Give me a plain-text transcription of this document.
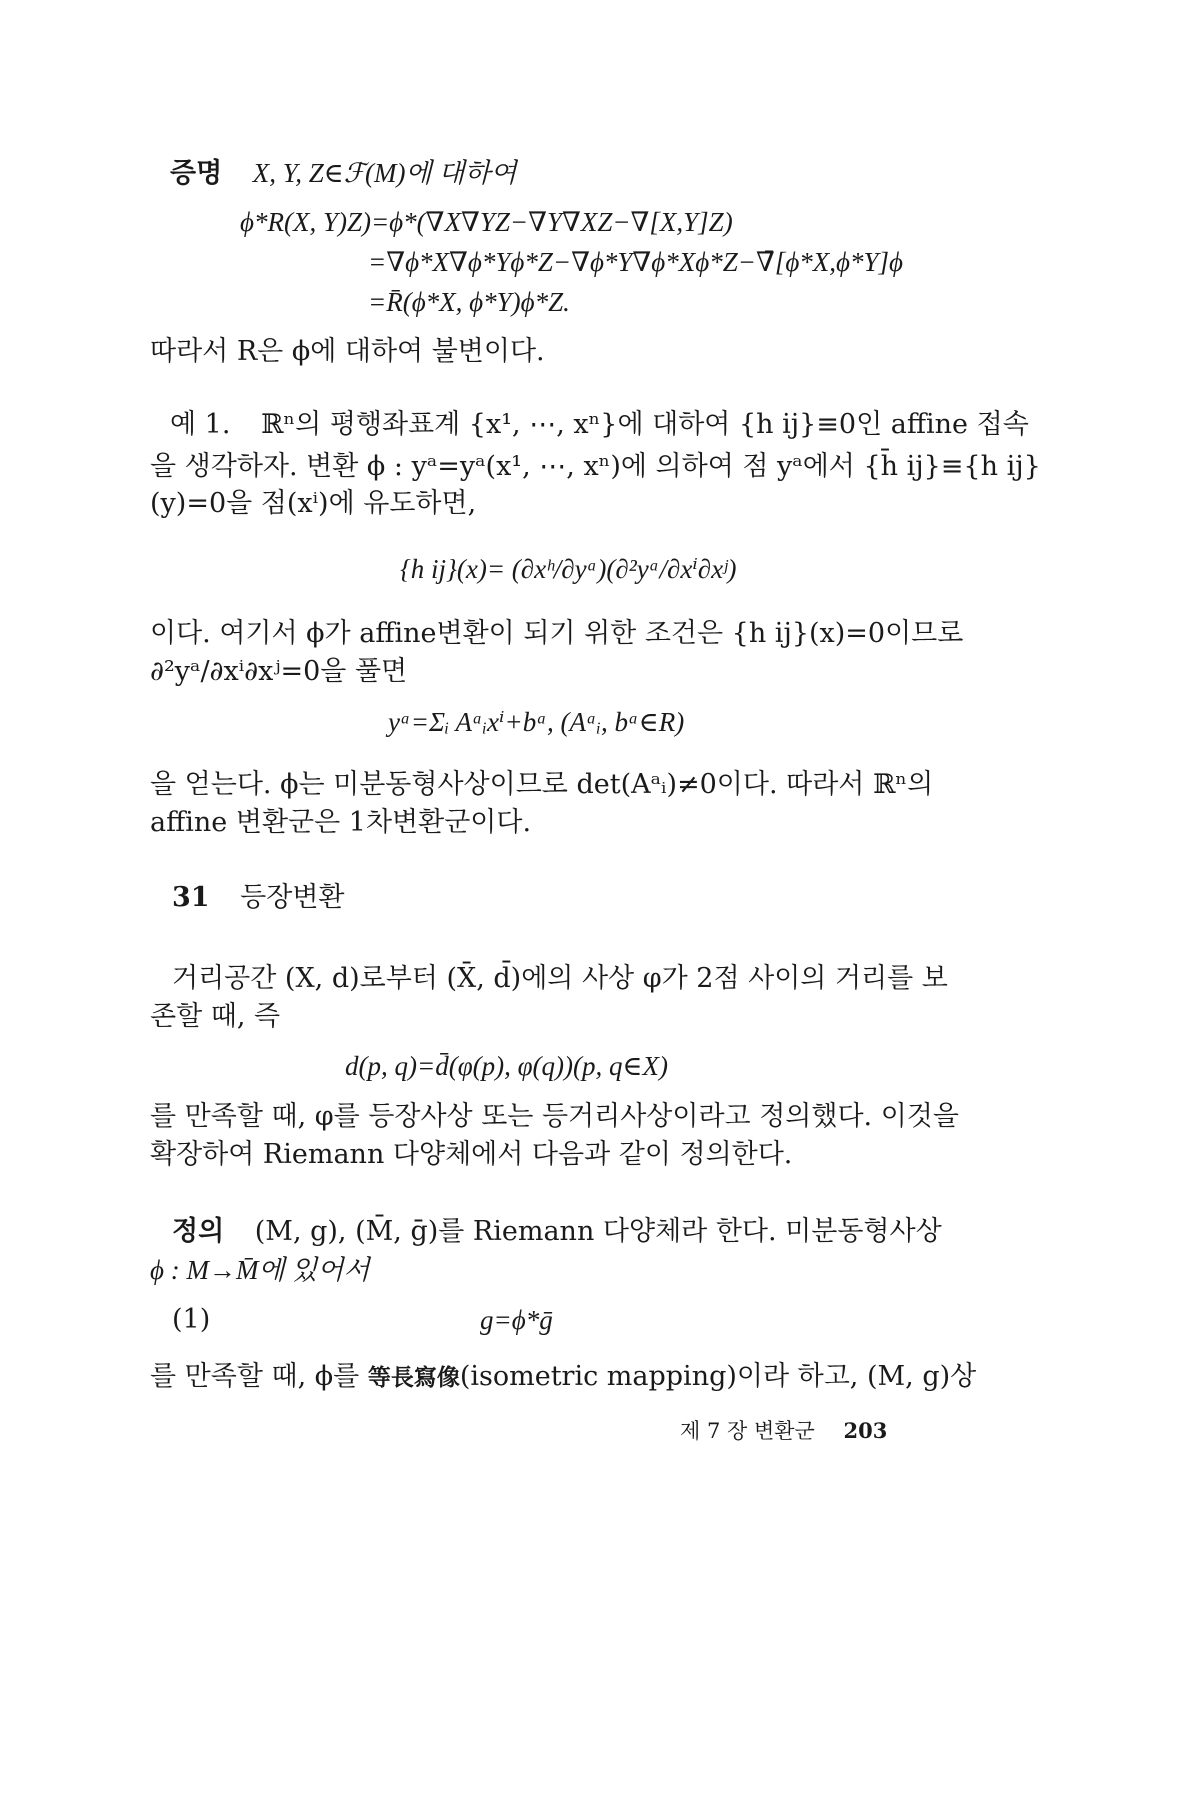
증명 X, Y, Z∈ℱ(M)에 대하여
ϕ*R(X, Y)Z)=ϕ*(∇X∇YZ−∇Y∇XZ−∇[X,Y]Z)
=∇ϕ*X∇ϕ*Yϕ*Z−∇ϕ*Y∇ϕ*Xϕ*Z−∇̄[ϕ*X,ϕ*Y]ϕ
=R̄(ϕ*X, ϕ*Y)ϕ*Z.
따라서 R은 ϕ에 대하여 불변이다.
예 1. ℝⁿ의 평행좌표계 {x¹, ⋯, xⁿ}에 대하여 {h ij}≡0인 affine 접속
을 생각하자. 변환 ϕ : yᵃ=yᵃ(x¹, ⋯, xⁿ)에 의하여 점 yᵃ에서 {h̄ ij}≡{h ij}
(y)=0을 점(xⁱ)에 유도하면,
{h ij}(x)= (∂xʰ/∂yᵃ)(∂²yᵃ/∂xⁱ∂xʲ)
이다. 여기서 ϕ가 affine변환이 되기 위한 조건은 {h ij}(x)=0이므로
∂²yᵃ/∂xⁱ∂xʲ=0을 풀면
yᵃ=Σᵢ Aᵃᵢxⁱ+bᵃ, (Aᵃᵢ, bᵃ∈R)
을 얻는다. ϕ는 미분동형사상이므로 det(Aᵃᵢ)≠0이다. 따라서 ℝⁿ의
affine 변환군은 1차변환군이다.
31 등장변환
거리공간 (X, d)로부터 (X̄, d̄)에의 사상 φ가 2점 사이의 거리를 보
존할 때, 즉
d(p, q)=d̄(φ(p), φ(q))(p, q∈X)
를 만족할 때, φ를 등장사상 또는 등거리사상이라고 정의했다. 이것을
확장하여 Riemann 다양체에서 다음과 같이 정의한다.
정의 (M, g), (M̄, ḡ)를 Riemann 다양체라 한다. 미분동형사상
ϕ : M→M̄에 있어서
(1)	g=ϕ*ḡ
를 만족할 때, ϕ를 等長寫像(isometric mapping)이라 하고, (M, g)상
제 7 장 변환군 203
